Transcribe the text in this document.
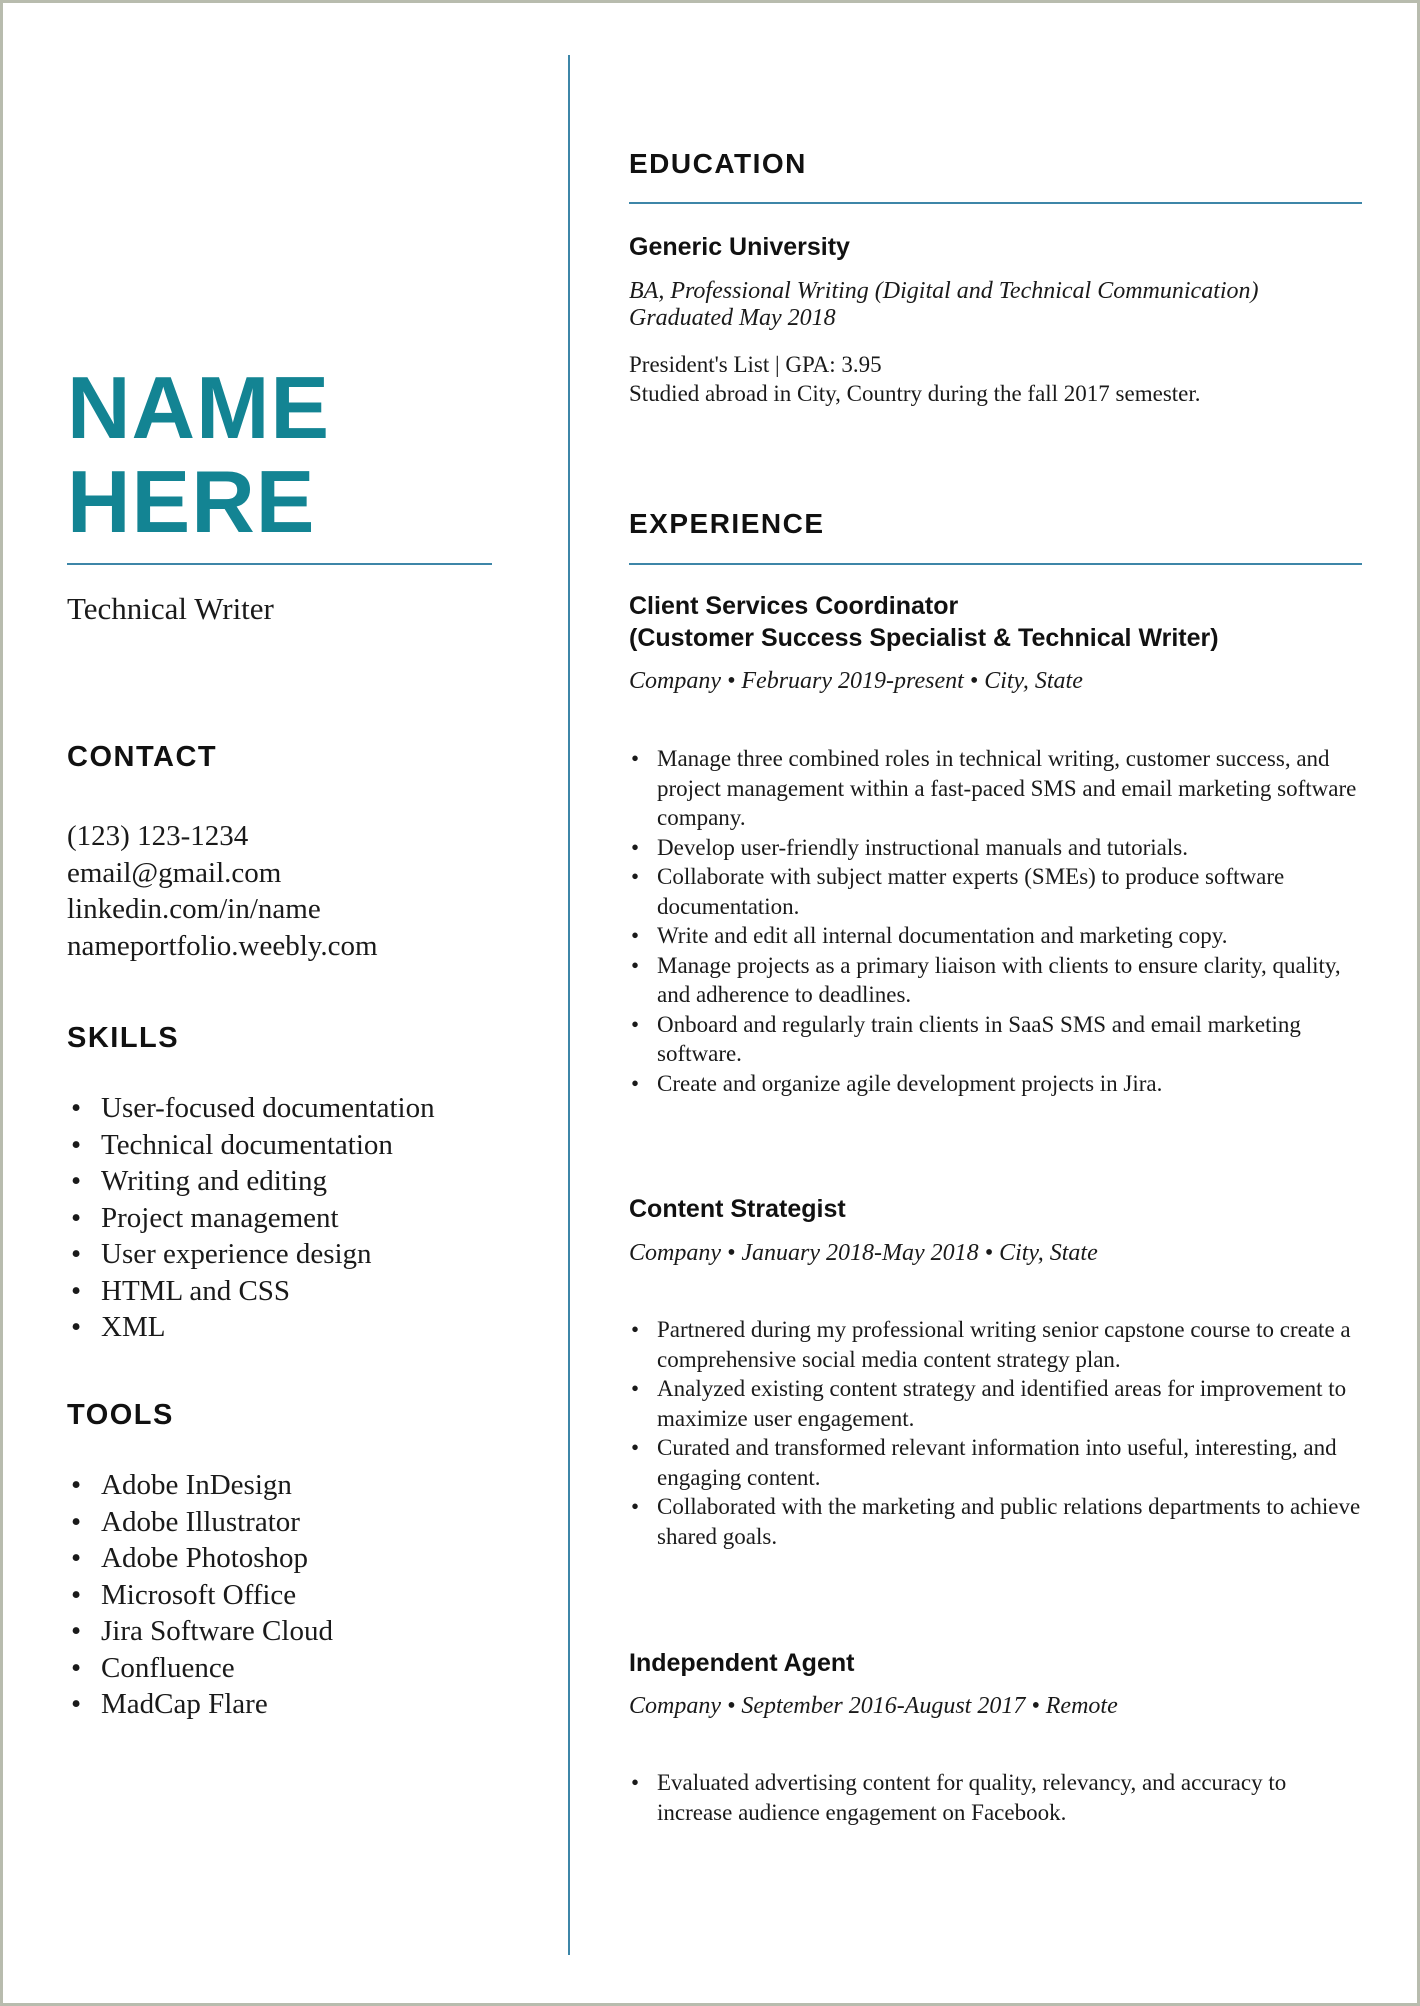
NAME
HERE
Technical Writer
CONTACT
(123) 123-1234
email@gmail.com
linkedin.com/in/name
nameportfolio.weebly.com
SKILLS
• User-focused documentation
• Technical documentation
• Writing and editing
• Project management
• User experience design
• HTML and CSS
• XML
TOOLS
• Adobe InDesign
• Adobe Illustrator
• Adobe Photoshop
• Microsoft Office
• Jira Software Cloud
• Confluence
• MadCap Flare
EDUCATION
Generic University
BA, Professional Writing (Digital and Technical Communication)
Graduated May 2018
President's List | GPA: 3.95
Studied abroad in City, Country during the fall 2017 semester.
EXPERIENCE
Client Services Coordinator
(Customer Success Specialist & Technical Writer)
Company • February 2019-present • City, State
• Manage three combined roles in technical writing, customer success, and project management within a fast-paced SMS and email marketing software company.
• Develop user-friendly instructional manuals and tutorials.
• Collaborate with subject matter experts (SMEs) to produce software documentation.
• Write and edit all internal documentation and marketing copy.
• Manage projects as a primary liaison with clients to ensure clarity, quality, and adherence to deadlines.
• Onboard and regularly train clients in SaaS SMS and email marketing software.
• Create and organize agile development projects in Jira.
Content Strategist
Company • January 2018-May 2018 • City, State
• Partnered during my professional writing senior capstone course to create a comprehensive social media content strategy plan.
• Analyzed existing content strategy and identified areas for improvement to maximize user engagement.
• Curated and transformed relevant information into useful, interesting, and engaging content.
• Collaborated with the marketing and public relations departments to achieve shared goals.
Independent Agent
Company • September 2016-August 2017 • Remote
• Evaluated advertising content for quality, relevancy, and accuracy to increase audience engagement on Facebook.
